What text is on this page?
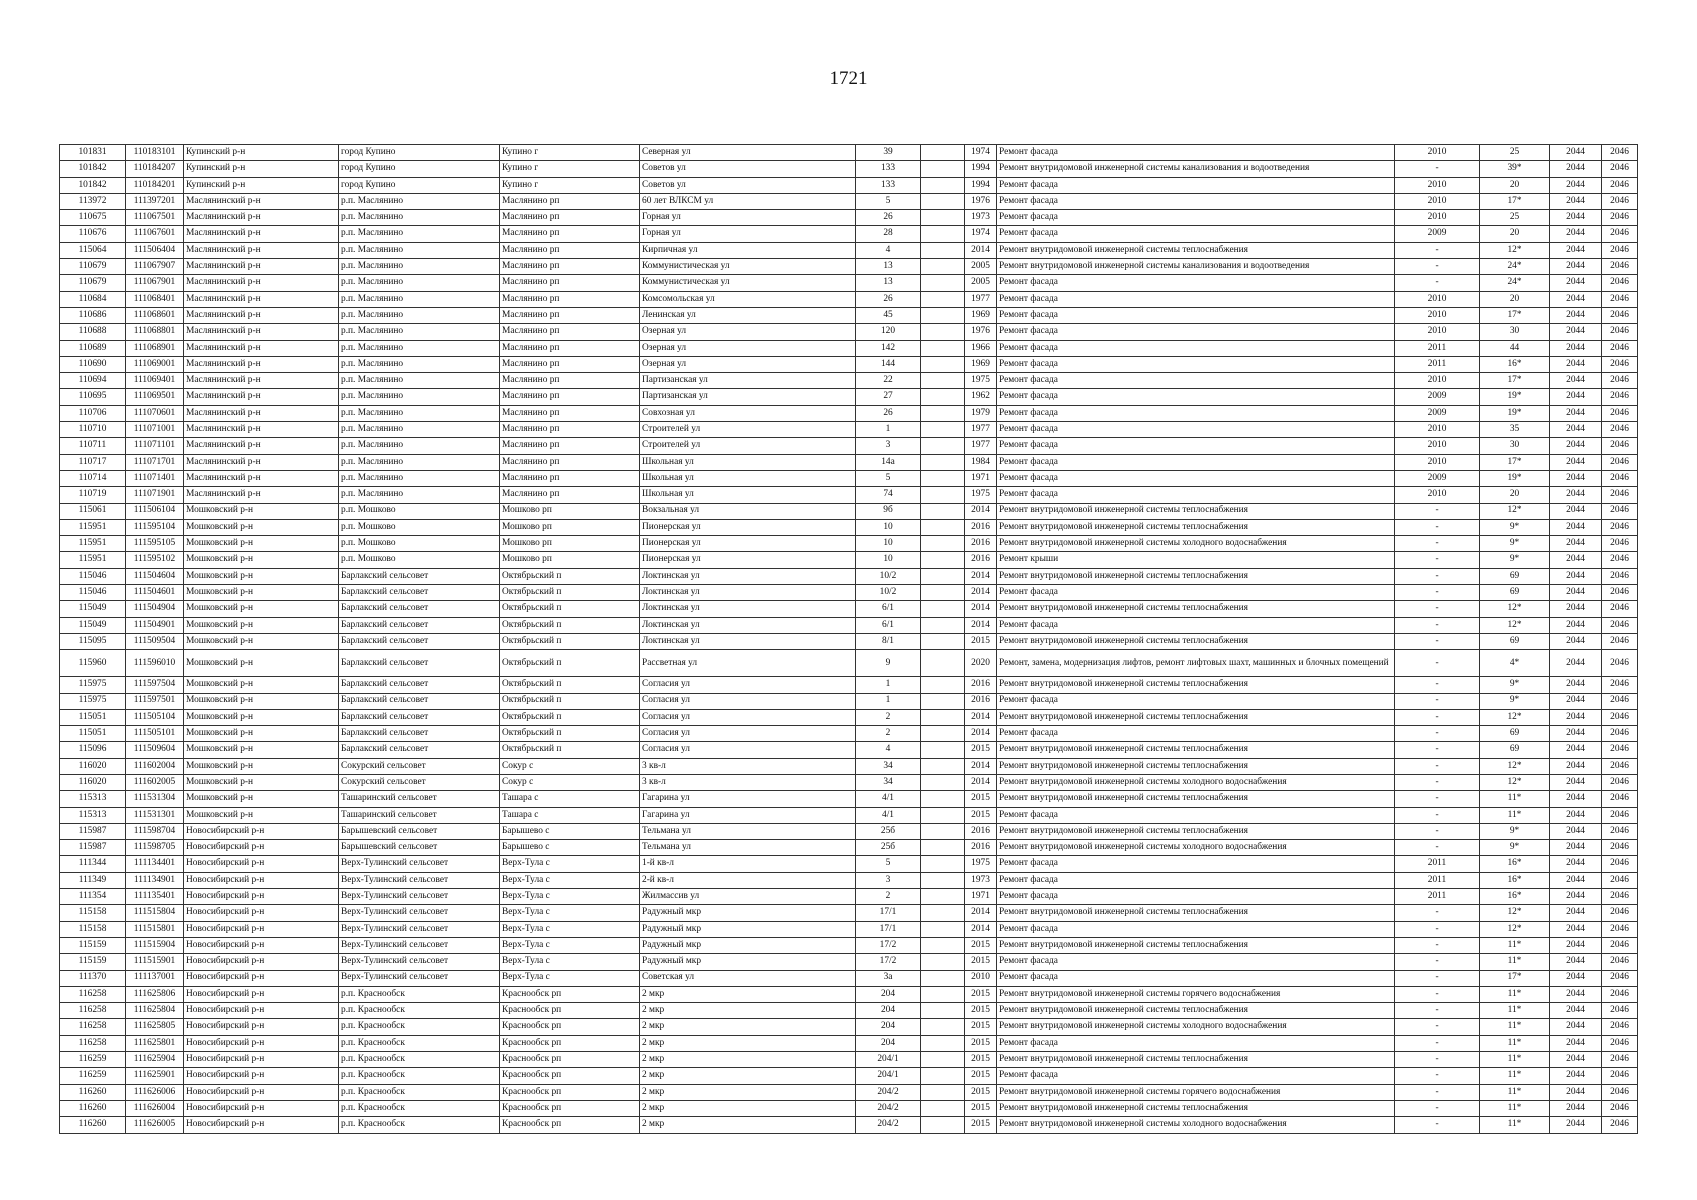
1721
101831	110183101	Купинский р-н	город Купино	Купино г	Северная ул	39		1974	Ремонт фасада	2010	25	2044	2046
101842	110184207	Купинский р-н	город Купино	Купино г	Советов ул	133		1994	Ремонт внутридомовой инженерной системы канализования и водоотведения	-	39*	2044	2046
101842	110184201	Купинский р-н	город Купино	Купино г	Советов ул	133		1994	Ремонт фасада	2010	20	2044	2046
113972	111397201	Маслянинский р-н	р.п. Маслянино	Маслянино рп	60 лет ВЛКСМ ул	5		1976	Ремонт фасада	2010	17*	2044	2046
110675	111067501	Маслянинский р-н	р.п. Маслянино	Маслянино рп	Горная ул	26		1973	Ремонт фасада	2010	25	2044	2046
110676	111067601	Маслянинский р-н	р.п. Маслянино	Маслянино рп	Горная ул	28		1974	Ремонт фасада	2009	20	2044	2046
115064	111506404	Маслянинский р-н	р.п. Маслянино	Маслянино рп	Кирпичная ул	4		2014	Ремонт внутридомовой инженерной системы теплоснабжения	-	12*	2044	2046
110679	111067907	Маслянинский р-н	р.п. Маслянино	Маслянино рп	Коммунистическая ул	13		2005	Ремонт внутридомовой инженерной системы канализования и водоотведения	-	24*	2044	2046
110679	111067901	Маслянинский р-н	р.п. Маслянино	Маслянино рп	Коммунистическая ул	13		2005	Ремонт фасада	-	24*	2044	2046
110684	111068401	Маслянинский р-н	р.п. Маслянино	Маслянино рп	Комсомольская ул	26		1977	Ремонт фасада	2010	20	2044	2046
110686	111068601	Маслянинский р-н	р.п. Маслянино	Маслянино рп	Ленинская ул	45		1969	Ремонт фасада	2010	17*	2044	2046
110688	111068801	Маслянинский р-н	р.п. Маслянино	Маслянино рп	Озерная ул	120		1976	Ремонт фасада	2010	30	2044	2046
110689	111068901	Маслянинский р-н	р.п. Маслянино	Маслянино рп	Озерная ул	142		1966	Ремонт фасада	2011	44	2044	2046
110690	111069001	Маслянинский р-н	р.п. Маслянино	Маслянино рп	Озерная ул	144		1969	Ремонт фасада	2011	16*	2044	2046
110694	111069401	Маслянинский р-н	р.п. Маслянино	Маслянино рп	Партизанская ул	22		1975	Ремонт фасада	2010	17*	2044	2046
110695	111069501	Маслянинский р-н	р.п. Маслянино	Маслянино рп	Партизанская ул	27		1962	Ремонт фасада	2009	19*	2044	2046
110706	111070601	Маслянинский р-н	р.п. Маслянино	Маслянино рп	Совхозная ул	26		1979	Ремонт фасада	2009	19*	2044	2046
110710	111071001	Маслянинский р-н	р.п. Маслянино	Маслянино рп	Строителей ул	1		1977	Ремонт фасада	2010	35	2044	2046
110711	111071101	Маслянинский р-н	р.п. Маслянино	Маслянино рп	Строителей ул	3		1977	Ремонт фасада	2010	30	2044	2046
110717	111071701	Маслянинский р-н	р.п. Маслянино	Маслянино рп	Школьная ул	14а		1984	Ремонт фасада	2010	17*	2044	2046
110714	111071401	Маслянинский р-н	р.п. Маслянино	Маслянино рп	Школьная ул	5		1971	Ремонт фасада	2009	19*	2044	2046
110719	111071901	Маслянинский р-н	р.п. Маслянино	Маслянино рп	Школьная ул	74		1975	Ремонт фасада	2010	20	2044	2046
115061	111506104	Мошковский р-н	р.п. Мошково	Мошково рп	Вокзальная ул	9б		2014	Ремонт внутридомовой инженерной системы теплоснабжения	-	12*	2044	2046
115951	111595104	Мошковский р-н	р.п. Мошково	Мошково рп	Пионерская ул	10		2016	Ремонт внутридомовой инженерной системы теплоснабжения	-	9*	2044	2046
115951	111595105	Мошковский р-н	р.п. Мошково	Мошково рп	Пионерская ул	10		2016	Ремонт внутридомовой инженерной системы холодного водоснабжения	-	9*	2044	2046
115951	111595102	Мошковский р-н	р.п. Мошково	Мошково рп	Пионерская ул	10		2016	Ремонт крыши	-	9*	2044	2046
115046	111504604	Мошковский р-н	Барлакский сельсовет	Октябрьский п	Локтинская ул	10/2		2014	Ремонт внутридомовой инженерной системы теплоснабжения	-	69	2044	2046
115046	111504601	Мошковский р-н	Барлакский сельсовет	Октябрьский п	Локтинская ул	10/2		2014	Ремонт фасада	-	69	2044	2046
115049	111504904	Мошковский р-н	Барлакский сельсовет	Октябрьский п	Локтинская ул	6/1		2014	Ремонт внутридомовой инженерной системы теплоснабжения	-	12*	2044	2046
115049	111504901	Мошковский р-н	Барлакский сельсовет	Октябрьский п	Локтинская ул	6/1		2014	Ремонт фасада	-	12*	2044	2046
115095	111509504	Мошковский р-н	Барлакский сельсовет	Октябрьский п	Локтинская ул	8/1		2015	Ремонт внутридомовой инженерной системы теплоснабжения	-	69	2044	2046
115960	111596010	Мошковский р-н	Барлакский сельсовет	Октябрьский п	Рассветная ул	9		2020	Ремонт, замена, модернизация лифтов, ремонт лифтовых шахт, машинных и блочных помещений	-	4*	2044	2046
115975	111597504	Мошковский р-н	Барлакский сельсовет	Октябрьский п	Согласия ул	1		2016	Ремонт внутридомовой инженерной системы теплоснабжения	-	9*	2044	2046
115975	111597501	Мошковский р-н	Барлакский сельсовет	Октябрьский п	Согласия ул	1		2016	Ремонт фасада	-	9*	2044	2046
115051	111505104	Мошковский р-н	Барлакский сельсовет	Октябрьский п	Согласия ул	2		2014	Ремонт внутридомовой инженерной системы теплоснабжения	-	12*	2044	2046
115051	111505101	Мошковский р-н	Барлакский сельсовет	Октябрьский п	Согласия ул	2		2014	Ремонт фасада	-	69	2044	2046
115096	111509604	Мошковский р-н	Барлакский сельсовет	Октябрьский п	Согласия ул	4		2015	Ремонт внутридомовой инженерной системы теплоснабжения	-	69	2044	2046
116020	111602004	Мошковский р-н	Сокурский сельсовет	Сокур с	3 кв-л	34		2014	Ремонт внутридомовой инженерной системы теплоснабжения	-	12*	2044	2046
116020	111602005	Мошковский р-н	Сокурский сельсовет	Сокур с	3 кв-л	34		2014	Ремонт внутридомовой инженерной системы холодного водоснабжения	-	12*	2044	2046
115313	111531304	Мошковский р-н	Ташаринский сельсовет	Ташара с	Гагарина ул	4/1		2015	Ремонт внутридомовой инженерной системы теплоснабжения	-	11*	2044	2046
115313	111531301	Мошковский р-н	Ташаринский сельсовет	Ташара с	Гагарина ул	4/1		2015	Ремонт фасада	-	11*	2044	2046
115987	111598704	Новосибирский р-н	Барышевский сельсовет	Барышево с	Тельмана ул	25б		2016	Ремонт внутридомовой инженерной системы теплоснабжения	-	9*	2044	2046
115987	111598705	Новосибирский р-н	Барышевский сельсовет	Барышево с	Тельмана ул	25б		2016	Ремонт внутридомовой инженерной системы холодного водоснабжения	-	9*	2044	2046
111344	111134401	Новосибирский р-н	Верх-Тулинский сельсовет	Верх-Тула с	1-й кв-л	5		1975	Ремонт фасада	2011	16*	2044	2046
111349	111134901	Новосибирский р-н	Верх-Тулинский сельсовет	Верх-Тула с	2-й кв-л	3		1973	Ремонт фасада	2011	16*	2044	2046
111354	111135401	Новосибирский р-н	Верх-Тулинский сельсовет	Верх-Тула с	Жилмассив ул	2		1971	Ремонт фасада	2011	16*	2044	2046
115158	111515804	Новосибирский р-н	Верх-Тулинский сельсовет	Верх-Тула с	Радужный мкр	17/1		2014	Ремонт внутридомовой инженерной системы теплоснабжения	-	12*	2044	2046
115158	111515801	Новосибирский р-н	Верх-Тулинский сельсовет	Верх-Тула с	Радужный мкр	17/1		2014	Ремонт фасада	-	12*	2044	2046
115159	111515904	Новосибирский р-н	Верх-Тулинский сельсовет	Верх-Тула с	Радужный мкр	17/2		2015	Ремонт внутридомовой инженерной системы теплоснабжения	-	11*	2044	2046
115159	111515901	Новосибирский р-н	Верх-Тулинский сельсовет	Верх-Тула с	Радужный мкр	17/2		2015	Ремонт фасада	-	11*	2044	2046
111370	111137001	Новосибирский р-н	Верх-Тулинский сельсовет	Верх-Тула с	Советская ул	3а		2010	Ремонт фасада	-	17*	2044	2046
116258	111625806	Новосибирский р-н	р.п. Краснообск	Краснообск рп	2 мкр	204		2015	Ремонт внутридомовой инженерной системы горячего водоснабжения	-	11*	2044	2046
116258	111625804	Новосибирский р-н	р.п. Краснообск	Краснообск рп	2 мкр	204		2015	Ремонт внутридомовой инженерной системы теплоснабжения	-	11*	2044	2046
116258	111625805	Новосибирский р-н	р.п. Краснообск	Краснообск рп	2 мкр	204		2015	Ремонт внутридомовой инженерной системы холодного водоснабжения	-	11*	2044	2046
116258	111625801	Новосибирский р-н	р.п. Краснообск	Краснообск рп	2 мкр	204		2015	Ремонт фасада	-	11*	2044	2046
116259	111625904	Новосибирский р-н	р.п. Краснообск	Краснообск рп	2 мкр	204/1		2015	Ремонт внутридомовой инженерной системы теплоснабжения	-	11*	2044	2046
116259	111625901	Новосибирский р-н	р.п. Краснообск	Краснообск рп	2 мкр	204/1		2015	Ремонт фасада	-	11*	2044	2046
116260	111626006	Новосибирский р-н	р.п. Краснообск	Краснообск рп	2 мкр	204/2		2015	Ремонт внутридомовой инженерной системы горячего водоснабжения	-	11*	2044	2046
116260	111626004	Новосибирский р-н	р.п. Краснообск	Краснообск рп	2 мкр	204/2		2015	Ремонт внутридомовой инженерной системы теплоснабжения	-	11*	2044	2046
116260	111626005	Новосибирский р-н	р.п. Краснообск	Краснообск рп	2 мкр	204/2		2015	Ремонт внутридомовой инженерной системы холодного водоснабжения	-	11*	2044	2046
